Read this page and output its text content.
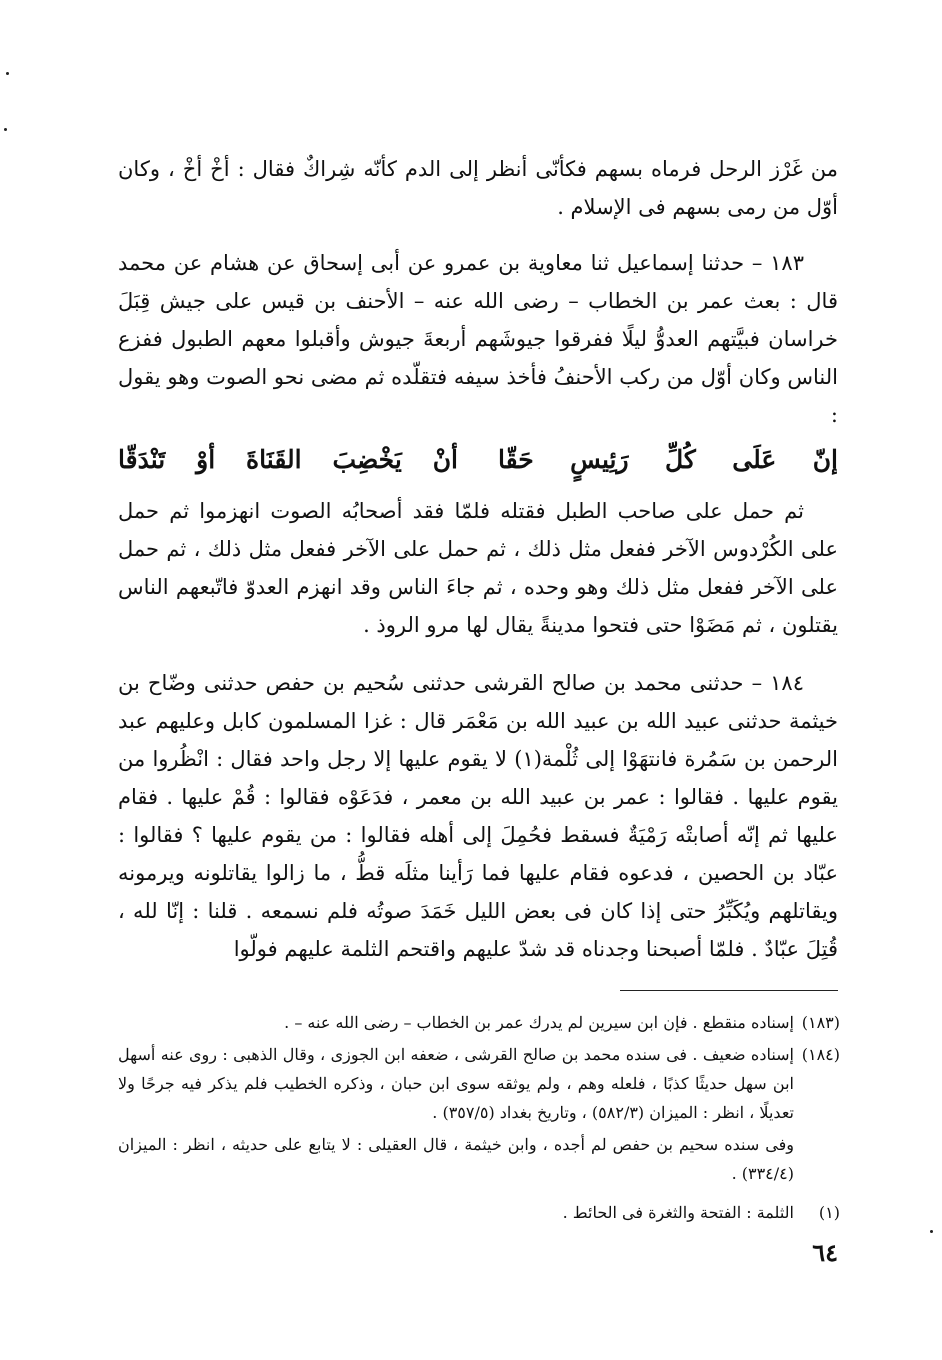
من غَرْز الرحل فرماه بسهم فكأنّى أنظر إلى الدم كأنّه شِراكٌ فقال : أخْ أخْ ، وكان أوّل من رمى بسهم فى الإسلام .

١٨٣ – حدثنا إسماعيل ثنا معاوية بن عمرو عن أبى إسحاق عن هشام عن محمد قال : بعث عمر بن الخطاب – رضى الله عنه – الأحنف بن قيس على جيش قِبَلَ خراسان فبيَّتهم العدوُّ ليلًا ففرقوا جيوشَهم أربعةَ جيوش وأقبلوا معهم الطبول ففزع الناس وكان أوّل من ركب الأحنفُ فأخذ سيفه فتقلّده ثم مضى نحو الصوت وهو يقول :

إنّ عَلَى كُلِّ رَئِيسٍ حَقّا
أنْ يَخْضِبَ القَنَاةَ أوْ تَنْدَقّا

ثم حمل على صاحب الطبل فقتله فلمّا فقد أصحابُه الصوت انهزموا ثم حمل على الكُرْدوس الآخر ففعل مثل ذلك ، ثم حمل على الآخر ففعل مثل ذلك ، ثم حمل على الآخر ففعل مثل ذلك وهو وحده ، ثم جاءَ الناس وقد انهزم العدوّ فاتّبعهم الناس يقتلون ، ثم مَضَوْا حتى فتحوا مدينةً يقال لها مرو الروذ .

١٨٤ – حدثنى محمد بن صالح القرشى حدثنى سُحيم بن حفص حدثنى وضّاح بن خيثمة حدثنى عبيد الله بن عبيد الله بن مَعْمَر قال : غزا المسلمون كابل وعليهم عبد الرحمن بن سَمُرة فانتهَوْا إلى ثُلْمة(١) لا يقوم عليها إلا رجل واحد فقال : انْظُروا من يقوم عليها . فقالوا : عمر بن عبيد الله بن معمر ، فدَعَوْه فقالوا : قُمْ عليها . فقام عليها ثم إنّه أصابتْه رَمْيَةٌ فسقط فحُمِلَ إلى أهله فقالوا : من يقوم عليها ؟ فقالوا : عبّاد بن الحصين ، فدعوه فقام عليها فما رَأينا مثلَه قطُّ ، ما زالوا يقاتلونه ويرمونه ويقاتلهم ويُكَبِّرُ حتى إذا كان فى بعض الليل خَمَدَ صوتُه فلم نسمعه . قلنا : إنّا لله ، قُتِلَ عبّادٌ . فلمّا أصبحنا وجدناه قد شدّ عليهم واقتحم الثلمة عليهم فولّوا

(١٨٣)
إسناده منقطع . فإن ابن سيرين لم يدرك عمر بن الخطاب – رضى الله عنه – .
(١٨٤)
إسناده ضعيف . فى سنده محمد بن صالح القرشى ، ضعفه ابن الجوزى ، وقال الذهبى : روى عنه أسهل ابن سهل حديثًا كذبًا ، فلعله وهم ، ولم يوثقه سوى ابن حبان ، وذكره الخطيب فلم يذكر فيه جرحًا ولا تعديلًا ، انظر : الميزان (٥٨٢/٣) ، وتاريخ بغداد (٣٥٧/٥) .

وفى سنده سحيم بن حفص لم أجده ، وابن خيثمة ، قال العقيلى : لا يتابع على حديثه ، انظر : الميزان (٣٣٤/٤) .

(١)
الثلمة : الفتحة والثغرة فى الحائط .
٦٤
